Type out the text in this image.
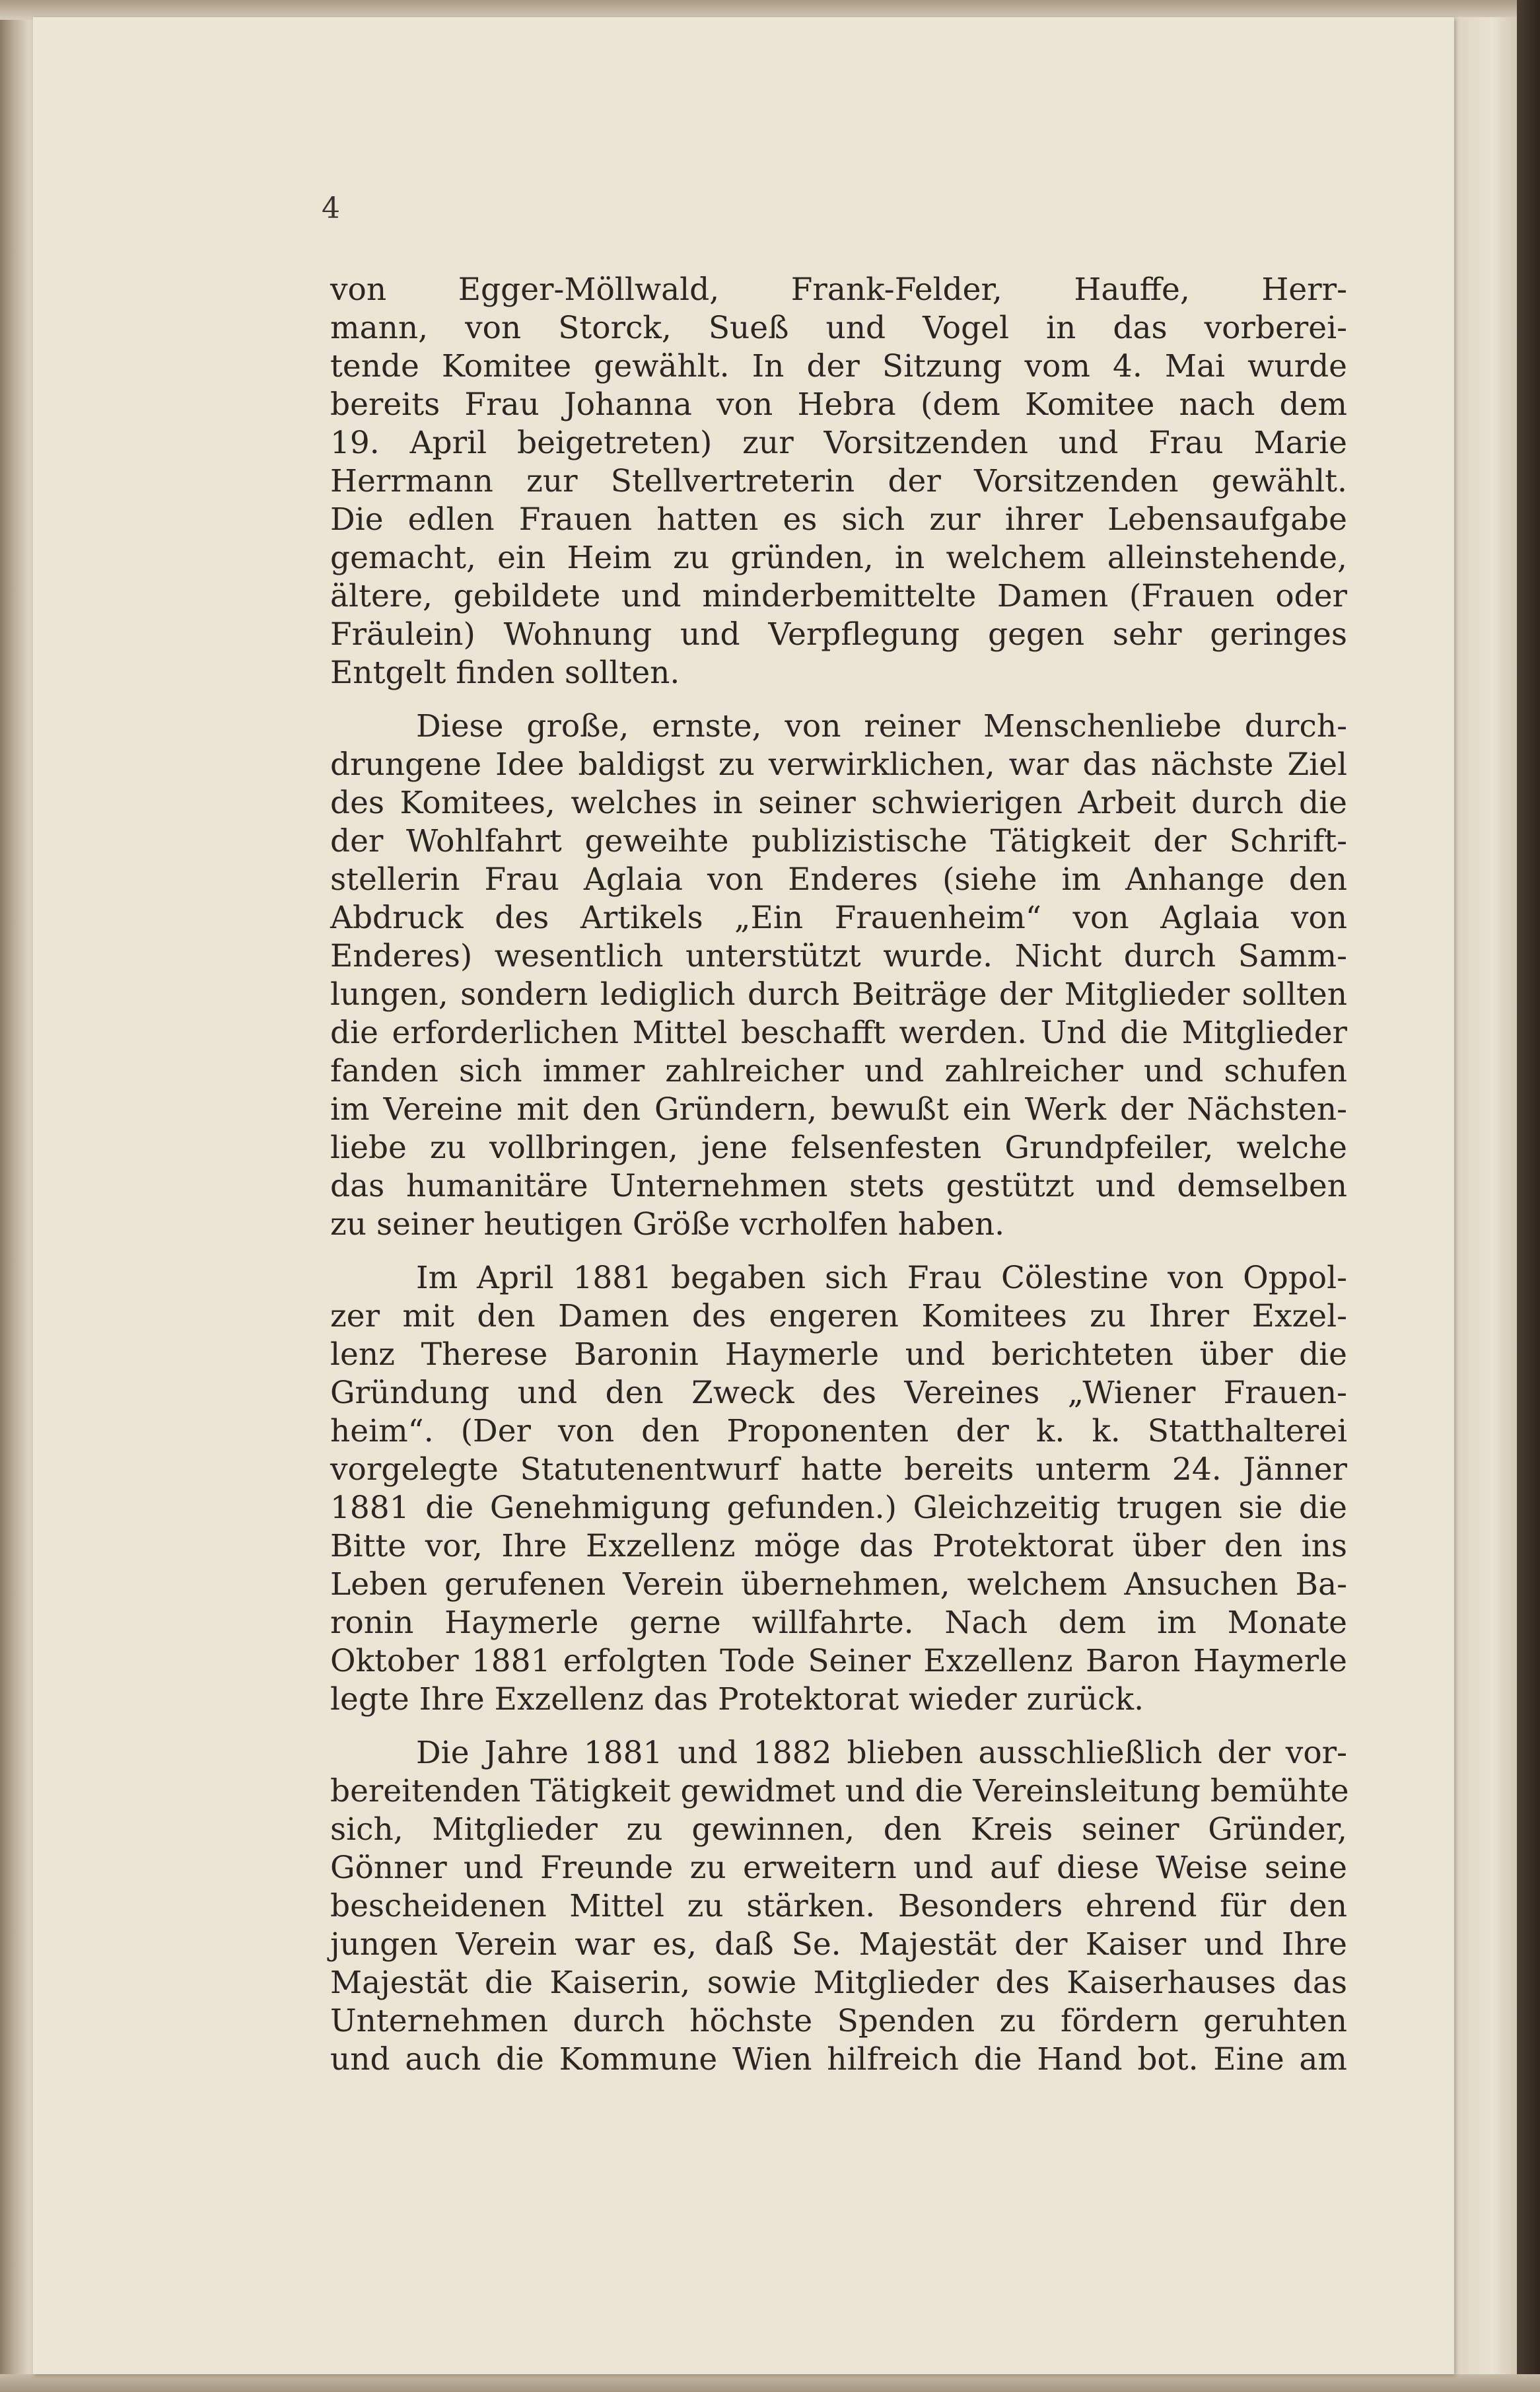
4
von Egger-Möllwald, Frank-Felder, Hauffe, Herr-
mann, von Storck, Sueß und Vogel in das vorberei-
tende Komitee gewählt. In der Sitzung vom 4. Mai wurde
bereits Frau Johanna von Hebra (dem Komitee nach dem
19. April beigetreten) zur Vorsitzenden und Frau Marie
Herrmann zur Stellvertreterin der Vorsitzenden gewählt.
Die edlen Frauen hatten es sich zur ihrer Lebensaufgabe
gemacht, ein Heim zu gründen, in welchem alleinstehende,
ältere, gebildete und minderbemittelte Damen (Frauen oder
Fräulein) Wohnung und Verpflegung gegen sehr geringes
Entgelt finden sollten.
Diese große, ernste, von reiner Menschenliebe durch-
drungene Idee baldigst zu verwirklichen, war das nächste Ziel
des Komitees, welches in seiner schwierigen Arbeit durch die
der Wohlfahrt geweihte publizistische Tätigkeit der Schrift-
stellerin Frau Aglaia von Enderes (siehe im Anhange den
Abdruck des Artikels „Ein Frauenheim“ von Aglaia von
Enderes) wesentlich unterstützt wurde. Nicht durch Samm-
lungen, sondern lediglich durch Beiträge der Mitglieder sollten
die erforderlichen Mittel beschafft werden. Und die Mitglieder
fanden sich immer zahlreicher und zahlreicher und schufen
im Vereine mit den Gründern, bewußt ein Werk der Nächsten-
liebe zu vollbringen, jene felsenfesten Grundpfeiler, welche
das humanitäre Unternehmen stets gestützt und demselben
zu seiner heutigen Größe vcrholfen haben.
Im April 1881 begaben sich Frau Cölestine von Oppol-
zer mit den Damen des engeren Komitees zu Ihrer Exzel-
lenz Therese Baronin Haymerle und berichteten über die
Gründung und den Zweck des Vereines „Wiener Frauen-
heim“. (Der von den Proponenten der k. k. Statthalterei
vorgelegte Statutenentwurf hatte bereits unterm 24. Jänner
1881 die Genehmigung gefunden.) Gleichzeitig trugen sie die
Bitte vor, Ihre Exzellenz möge das Protektorat über den ins
Leben gerufenen Verein übernehmen, welchem Ansuchen Ba-
ronin Haymerle gerne willfahrte. Nach dem im Monate
Oktober 1881 erfolgten Tode Seiner Exzellenz Baron Haymerle
legte Ihre Exzellenz das Protektorat wieder zurück.
Die Jahre 1881 und 1882 blieben ausschließlich der vor-
bereitenden Tätigkeit gewidmet und die Vereinsleitung bemühte
sich, Mitglieder zu gewinnen, den Kreis seiner Gründer,
Gönner und Freunde zu erweitern und auf diese Weise seine
bescheidenen Mittel zu stärken. Besonders ehrend für den
jungen Verein war es, daß Se. Majestät der Kaiser und Ihre
Majestät die Kaiserin, sowie Mitglieder des Kaiserhauses das
Unternehmen durch höchste Spenden zu fördern geruhten
und auch die Kommune Wien hilfreich die Hand bot. Eine am
